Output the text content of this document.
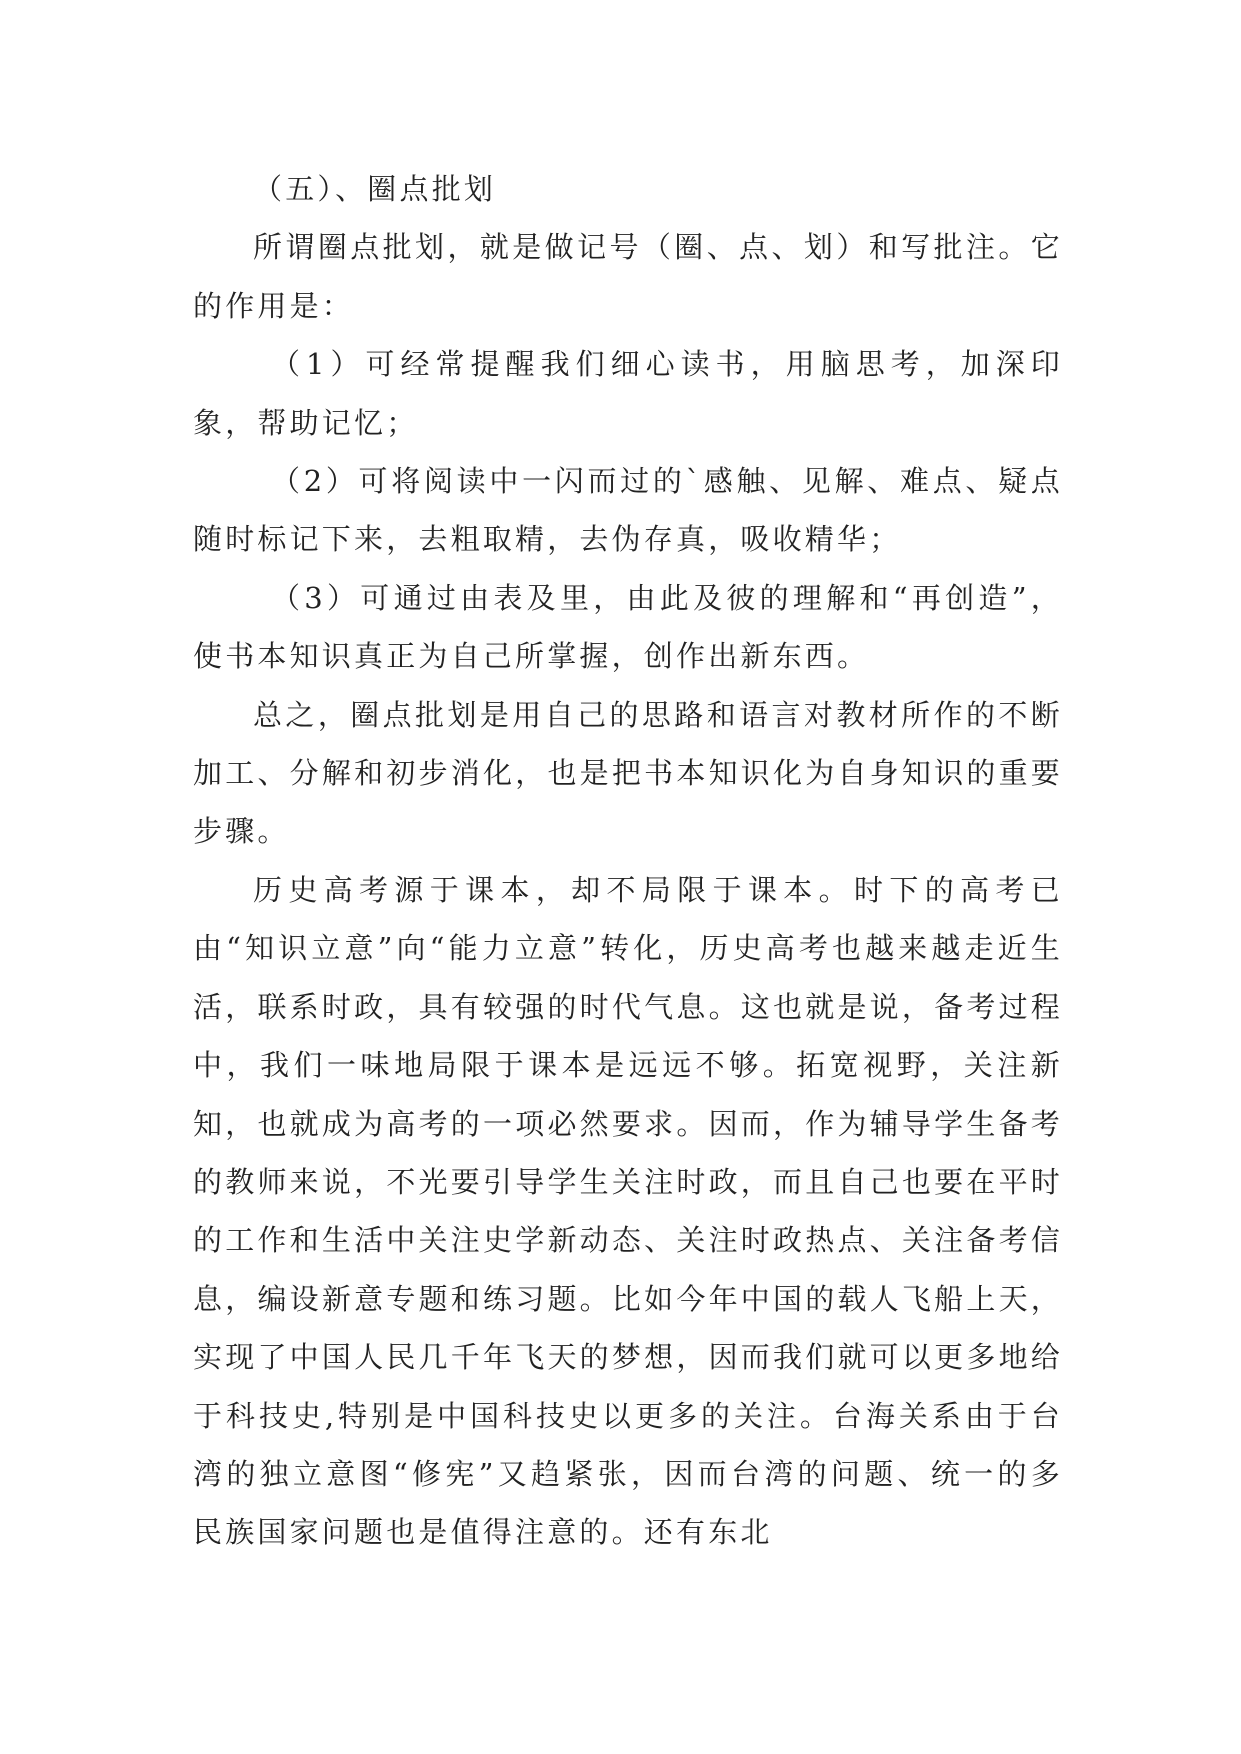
（五）、圈点批划

所谓圈点批划，就是做记号（圈、点、划）和写批注。它的作用是：

（1）可经常提醒我们细心读书，用脑思考，加深印象，帮助记忆；

（2）可将阅读中一闪而过的`感触、见解、难点、疑点随时标记下来，去粗取精，去伪存真，吸收精华；

（3）可通过由表及里，由此及彼的理解和“再创造”，使书本知识真正为自己所掌握，创作出新东西。

总之，圈点批划是用自己的思路和语言对教材所作的不断加工、分解和初步消化，也是把书本知识化为自身知识的重要步骤。

历史高考源于课本，却不局限于课本。时下的高考已由“知识立意”向“能力立意”转化，历史高考也越来越走近生活，联系时政，具有较强的时代气息。这也就是说，备考过程中，我们一味地局限于课本是远远不够。拓宽视野，关注新知，也就成为高考的一项必然要求。因而，作为辅导学生备考的教师来说，不光要引导学生关注时政，而且自己也要在平时的工作和生活中关注史学新动态、关注时政热点、关注备考信息，编设新意专题和练习题。比如今年中国的载人飞船上天，实现了中国人民几千年飞天的梦想，因而我们就可以更多地给于科技史,特别是中国科技史以更多的关注。台海关系由于台湾的独立意图“修宪”又趋紧张，因而台湾的问题、统一的多民族国家问题也是值得注意的。还有东北
